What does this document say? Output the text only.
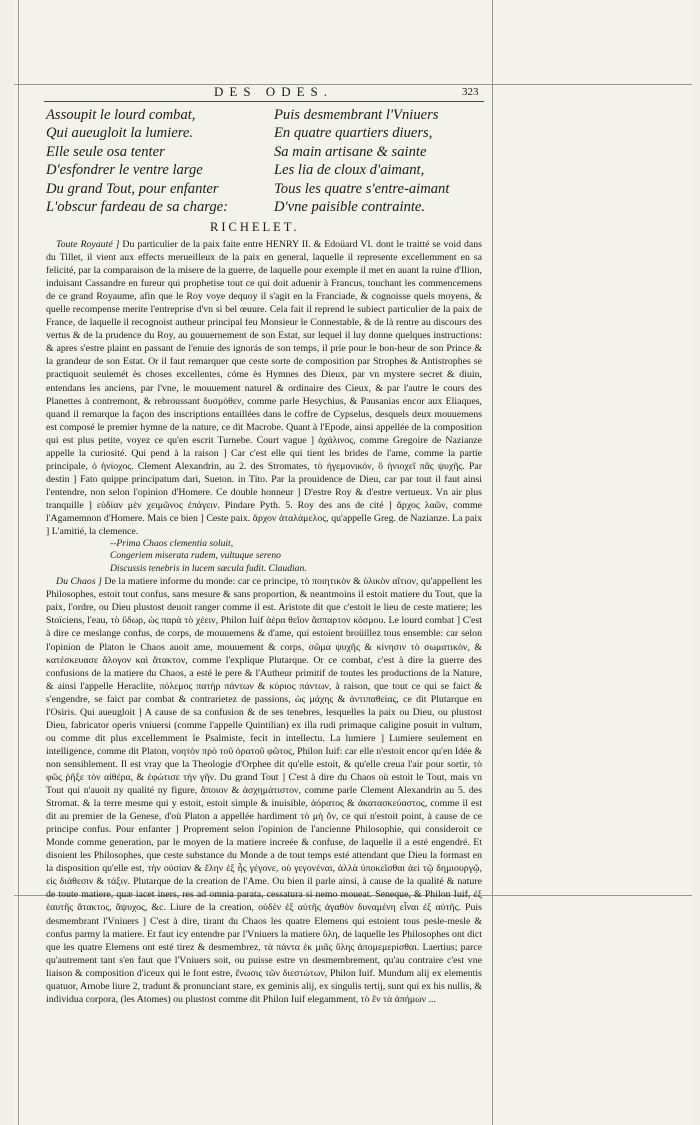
DES ODES.	323
Assoupit le lourd combat,
Qui aueugloit la lumiere.
Elle seule osa tenter
D'esfondrer le ventre large
Du grand Tout, pour enfanter
L'obscur fardeau de sa charge:
Puis desmembrant l'Vniuers
En quatre quartiers diuers,
Sa main artisane & sainte
Les lia de cloux d'aimant,
Tous les quatre s'entre-aimant
D'vne paisible contrainte.
RICHELET.

Toute Royauté ] Du particulier de la paix faite entre HENRY II. & Edoüard VI. dont le traitté se void dans du Tillet, il vient aux effects merueilleux de la paix en general, laquelle il represente excellemment en sa felicité, par la comparaison de la misere de la guerre, de laquelle pour exemple il met en auant la ruine d'Ilion, induisant Cassandre en fureur qui prophetise tout ce qui doit aduenir à Francus, touchant les commencemens de ce grand Royaume, afin que le Roy voye dequoy il s'agit en la Franciade, & cognoisse quels moyens, & quelle recompense merite l'entreprise d'vn si bel œuure. Cela fait il reprend le subiect particulier de la paix de France, de laquelle il recognoist autheur principal feu Monsieur le Connestable, & de là rentre au discours des vertus & de la prudence du Roy, au gouuernement de son Estat, sur lequel il luy donne quelques instructions: & apres s'estre plaint en passant de l'enuie des ignorás de son temps, il prie pour le bon-heur de son Prince & la grandeur de son Estat. Or il faut remarquer que ceste sorte de composition par Strophes & Antistrophes se practiquoit seulemét ès choses excellentes, cóme ès Hymnes des Dieux, par vn mystere secret & diuin, entendans les anciens, par l'vne, le mouuement naturel & ordinaire des Cieux, & par l'autre le cours des Planettes à contremont, & rebroussant δυσμόθεν, comme parle Hesychius, & Pausanias encor aux Eliaques, quand il remarque la façon des inscriptions entaillées dans le coffre de Cypselus, desquels deux mouuemens est composé le premier hymne de la nature, ce dit Macrobe. Quant à l'Epode, ainsi appellée de la composition qui est plus petite, voyez ce qu'en escrit Turnebe. Court vague ] ἀχάλινος, comme Gregoire de Nazianze appelle la curiosité. Qui pend à la raison ] Car c'est elle qui tient les brides de l'ame, comme la partie principale, ὁ ἡνίοχος. Clement Alexandrin, au 2. des Stromates, τὸ ἡγεμονικόν, ὃ ἡνιοχεῖ πᾶς ψυχῆς. Par destin ] Fato quippe principatum dari, Sueton. in Tito. Par la prouidence de Dieu, car par tout il faut ainsi l'entendre, non selon l'opinion d'Homere. Ce double honneur ] D'estre Roy & d'estre vertueux. Vn air plus tranquille ] εὐδίαν μὲν χειμῶνος ἐπάγειν. Pindare Pyth. 5. Roy des ans de cité ] ἄρχος λαῶν, comme l'Agamemnon d'Homere. Mais ce bien ] Ceste paix. ἄρχον ἀταλάμελος, qu'appelle Greg. de Nazianze. La paix ] L'amitié, la clemence.

--Prima Chaos clementia soluit,
Congeriem miserata rudem, vultuque sereno
Discussis tenebris in lucem sæcula fudit. Claudian.

Du Chaos ] De la matiere informe du monde: car ce principe, τὸ ποιητικὸν & ὑλικὸν αἴτιον, qu'appellent les Philosophes, estoit tout confus, sans mesure & sans proportion, & neantmoins il estoit matiere du Tout, que la paix, l'ordre, ou Dieu plustost deuoit ranger comme il est. Aristote dit que c'estoit le lieu de ceste matiere; les Stoïciens, l'eau, τὸ ὕδωρ, ὡς παρὰ τὸ χέειν, Philon Iuif ἀέρα θεῖον ἄσπαρτον κόσμου. Le lourd combat ] C'est à dire ce meslange confus, de corps, de mouuemens & d'ame, qui estoient broüillez tous ensemble: car selon l'opinion de Platon le Chaos auoit ame, mouuement & corps, σῶμα ψυχῆς & κίνησιν τὸ σωματικὸν, & κατέσκευασε ἄλογον καὶ ἄτακτον, comme l'explique Plutarque. Or ce combat, c'est à dire la guerre des confusions de la matiere du Chaos, a esté le pere & l'Autheur primitif de toutes les productions de la Nature, & ainsi l'appelle Heraclite, πόλεμος πατὴρ πάντων & κύριος πάντων, à raison, que tout ce qui se faict & s'engendre, se faict par combat & contrarietez de passions, ὡς μάχης & ἀντιπαθείας, ce dit Plutarque en l'Osiris. Qui aueugloit ] A cause de sa confusion & de ses tenebres, lesquelles la paix ou Dieu, ou plustost Dieu, fabricator operis vniuersi (comme l'appelle Quintilian) ex illa rudi primaque caligine posuit in vultum, ou comme dit plus excellemment le Psalmiste, fecit in intellectu. La lumiere ] Lumiere seulement en intelligence, comme dit Platon, νοητὸν πρὸ τοῦ ὁρατοῦ φῶτος, Philon Iuif: car elle n'estoit encor qu'en Idée & non sensiblement. Il est vray que la Theologie d'Orphee dit qu'elle estoit, & qu'elle creua l'air pour sortir, τὸ φῶς ῥῆξε τὸν αἰθέρα, & ἐφώτισε τὴν γῆν. Du grand Tout ] C'est à dire du Chaos où estoit le Tout, mais vn Tout qui n'auoit ny qualité ny figure, ἄποιον & ἀσχημάτιστον, comme parle Clement Alexandrin au 5. des Stromat. & la terre mesme qui y estoit, estoit simple & inuisible, ἀόρατος & ἀκατασκεύαστος, comme il est dit au premier de la Genese, d'où Platon a appellée hardiment τὸ μὴ ὄν, ce qui n'estoit point, à cause de ce principe confus. Pour enfanter ] Proprement selon l'opinion de l'ancienne Philosophie, qui consideroit ce Monde comme generation, par le moyen de la matiere increée & confuse, de laquelle il a esté engendré. Et disoient les Philosophes, que ceste substance du Monde a de tout temps esté attendant que Dieu la formast en la disposition qu'elle est, τὴν οὐσίαν & ἕλην ἐξ ἧς γέγονε, οὐ γεγονέναι, ἀλλὰ ὑποκεῖσθαι ἀεὶ τῷ δημιουργῷ, εἰς διάθεσιν & τάξιν. Plutarque de la creation de l'Ame. Ou bien il parle ainsi, à cause de la qualité & nature de toute matiere, quæ iacet iners, res ad omnia parata, cessatura si nemo moueat. Seneque, & Philon Iuif, ἐξ ἑαυτῆς ἄτακτος, ἄψυχος, &c. Liure de la creation, οὐδὲν ἐξ αὐτῆς ἀγαθὸν δυναμένη εἶναι ἐξ αὐτῆς. Puis desmembrant l'Vniuers ] C'est à dire, tirant du Chaos les quatre Elemens qui estoient tous pesle-mesle & confus parmy la matiere. Et faut icy entendre par l'Vniuers la matiere ὕλη, de laquelle les Philosophes ont dict que les quatre Elemens ont esté tirez & desmembrez, τὰ πάντα ἐκ μιᾶς ὕλης ἀπομεμερίσθαι. Laertius; parce qu'autrement tant s'en faut que l'Vniuers soit, ou puisse estre vn desmembrement, qu'au contraire c'est vne liaison & composition d'iceux qui le font estre, ἕνωσις τῶν διεστώτων, Philon Iuif. Mundum alij ex elementis quatuor, Arnobe liure 2, tradunt & pronunciant stare, ex geminis alij, ex singulis tertij, sunt qui ex his nullis, & individua corpora, (les Atomes) ou plustost comme dit Philon Iuif elegamment, τὸ ἓν τὰ ἀπήμων ...
